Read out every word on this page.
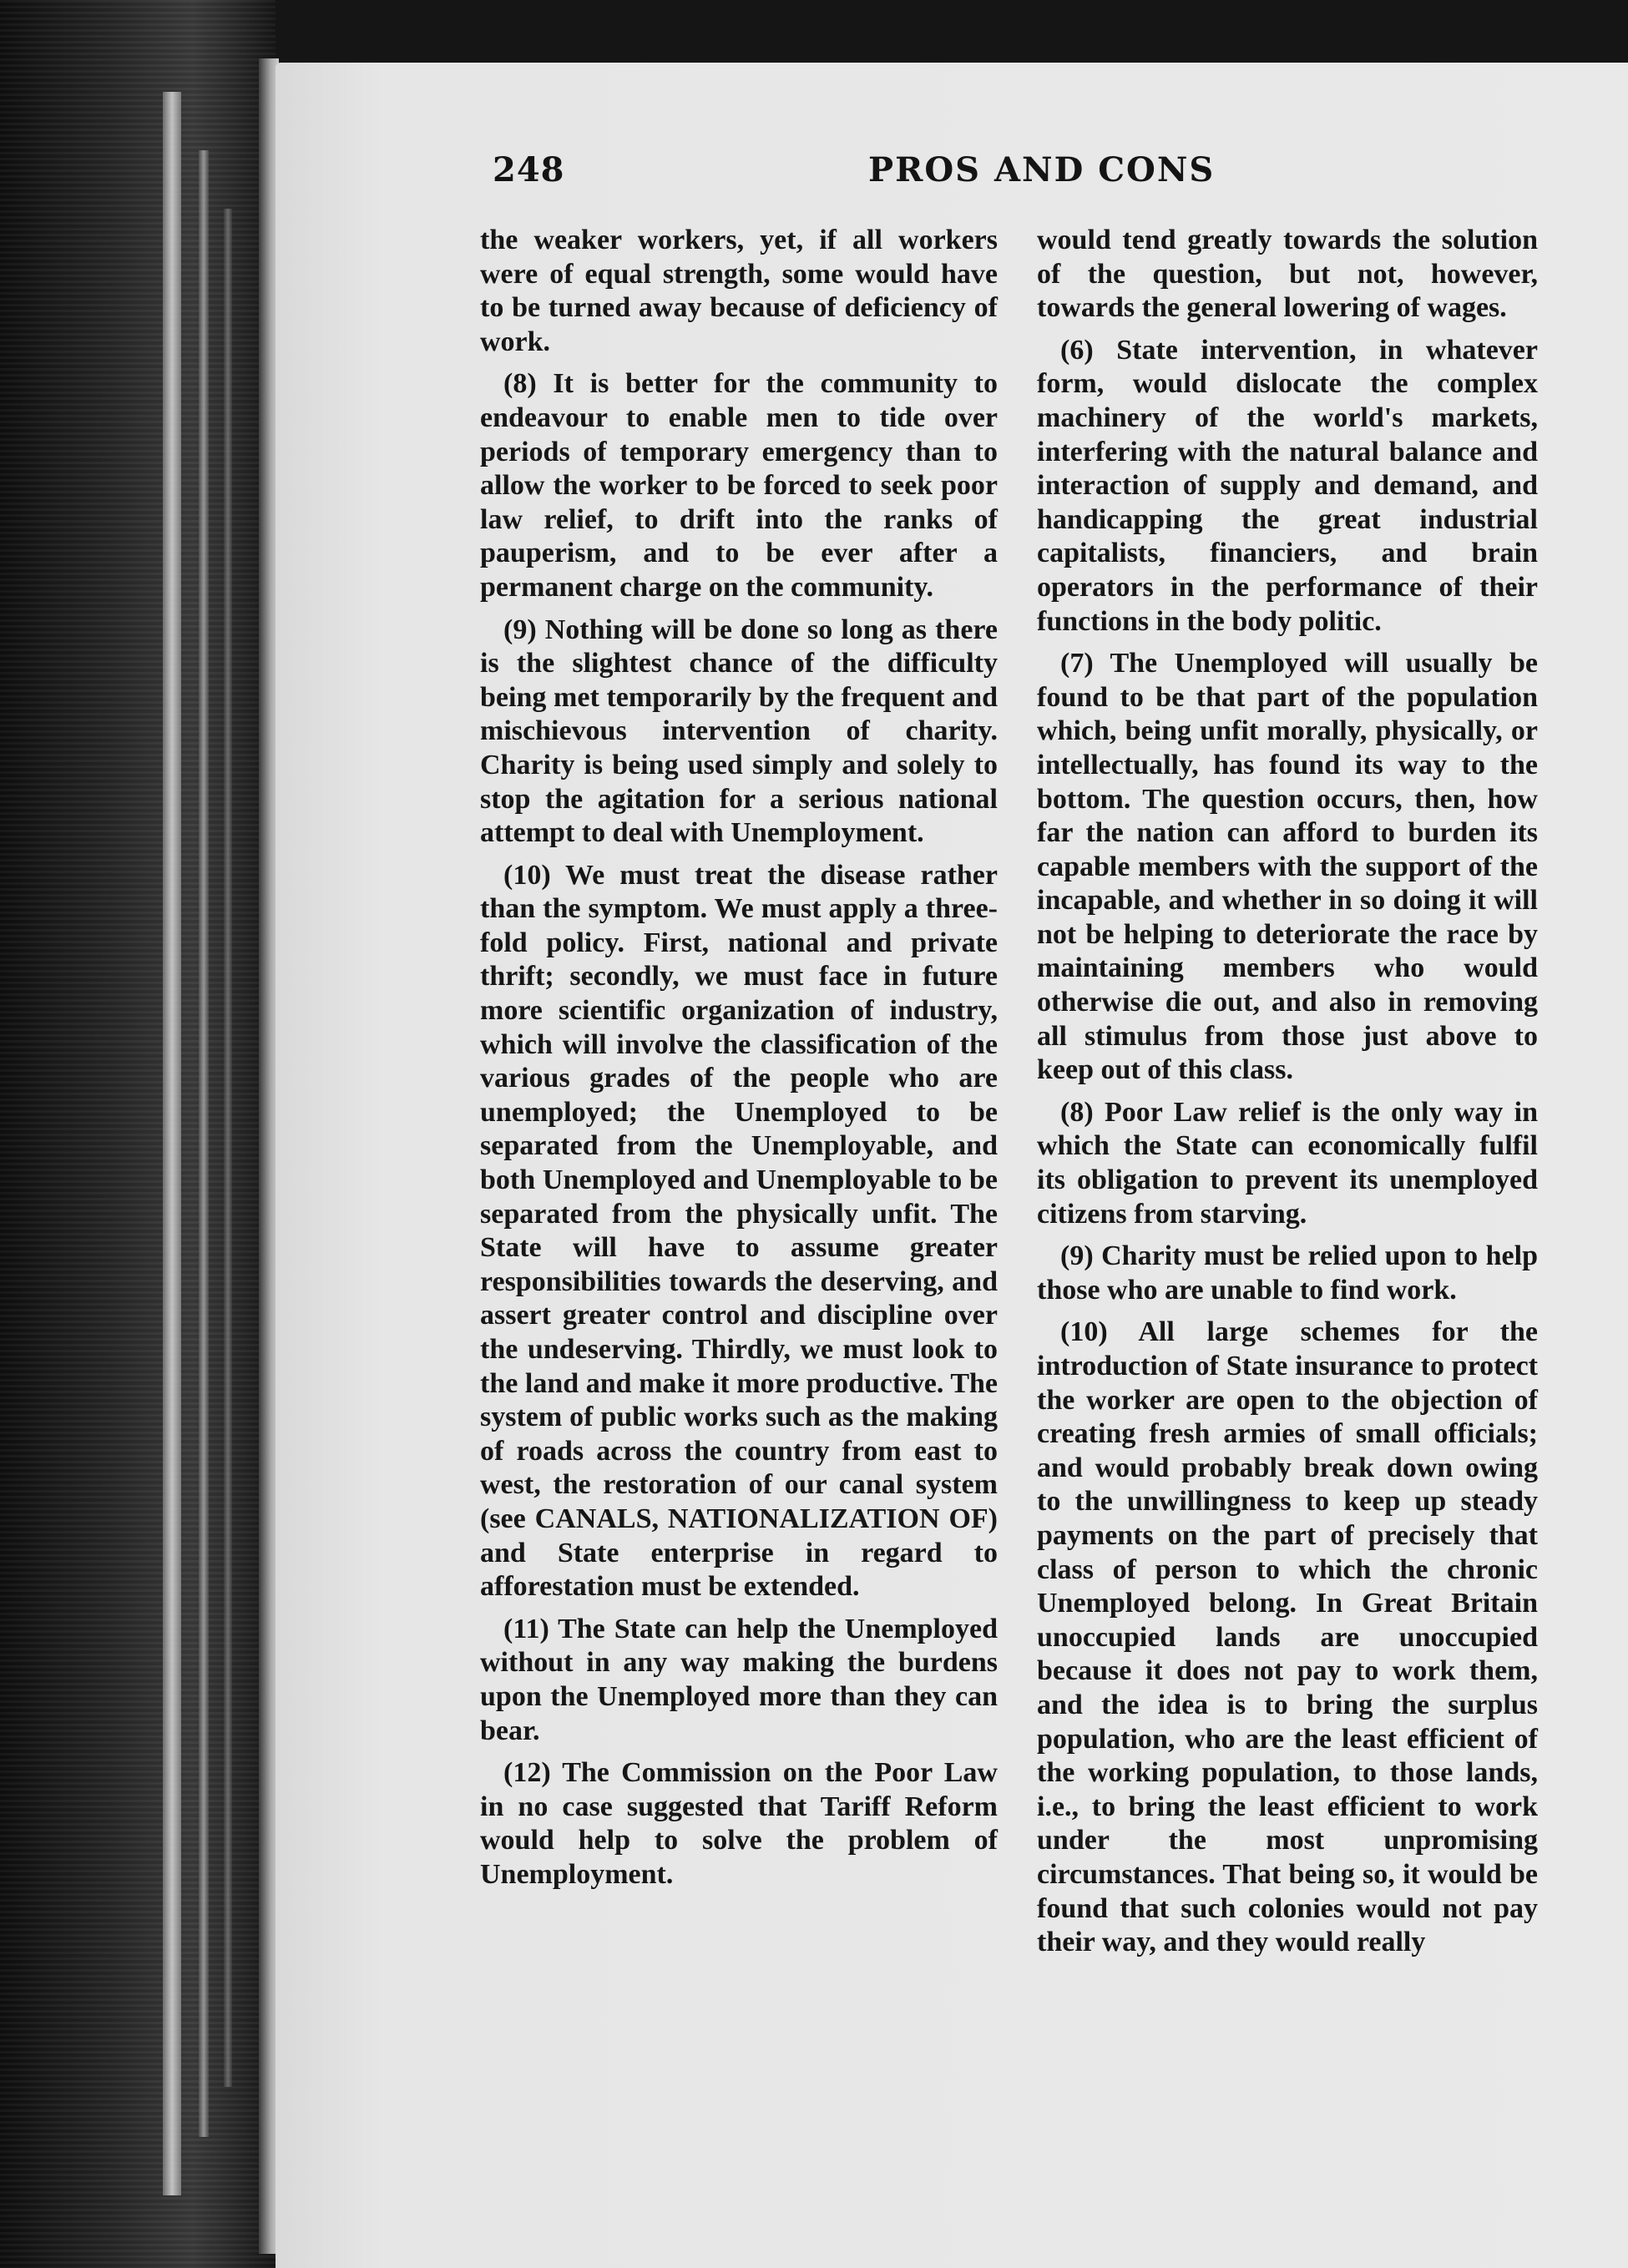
248	PROS AND CONS

the weaker workers, yet, if all workers were of equal strength, some would have to be turned away because of deficiency of work.

(8) It is better for the community to endeavour to enable men to tide over periods of temporary emergency than to allow the worker to be forced to seek poor law relief, to drift into the ranks of pauperism, and to be ever after a permanent charge on the community.

(9) Nothing will be done so long as there is the slightest chance of the difficulty being met temporarily by the frequent and mischievous intervention of charity. Charity is being used simply and solely to stop the agitation for a serious national attempt to deal with Unemployment.

(10) We must treat the disease rather than the symptom. We must apply a three-fold policy. First, national and private thrift; secondly, we must face in future more scientific organization of industry, which will involve the classification of the various grades of the people who are unemployed; the Unemployed to be separated from the Unemployable, and both Unemployed and Unemployable to be separated from the physically unfit. The State will have to assume greater responsibilities towards the deserving, and assert greater control and discipline over the undeserving. Thirdly, we must look to the land and make it more productive. The system of public works such as the making of roads across the country from east to west, the restoration of our canal system (see CANALS, NATIONALIZATION OF) and State enterprise in regard to afforestation must be extended.

(11) The State can help the Unemployed without in any way making the burdens upon the Unemployed more than they can bear.

(12) The Commission on the Poor Law in no case suggested that Tariff Reform would help to solve the problem of Unemployment.

would tend greatly towards the solution of the question, but not, however, towards the general lowering of wages.

(6) State intervention, in whatever form, would dislocate the complex machinery of the world's markets, interfering with the natural balance and interaction of supply and demand, and handicapping the great industrial capitalists, financiers, and brain operators in the performance of their functions in the body politic.

(7) The Unemployed will usually be found to be that part of the population which, being unfit morally, physically, or intellectually, has found its way to the bottom. The question occurs, then, how far the nation can afford to burden its capable members with the support of the incapable, and whether in so doing it will not be helping to deteriorate the race by maintaining members who would otherwise die out, and also in removing all stimulus from those just above to keep out of this class.

(8) Poor Law relief is the only way in which the State can economically fulfil its obligation to prevent its unemployed citizens from starving.

(9) Charity must be relied upon to help those who are unable to find work.

(10) All large schemes for the introduction of State insurance to protect the worker are open to the objection of creating fresh armies of small officials; and would probably break down owing to the unwillingness to keep up steady payments on the part of precisely that class of person to which the chronic Unemployed belong. In Great Britain unoccupied lands are unoccupied because it does not pay to work them, and the idea is to bring the surplus population, who are the least efficient of the working population, to those lands, i.e., to bring the least efficient to work under the most unpromising circumstances. That being so, it would be found that such colonies would not pay their way, and they would really
